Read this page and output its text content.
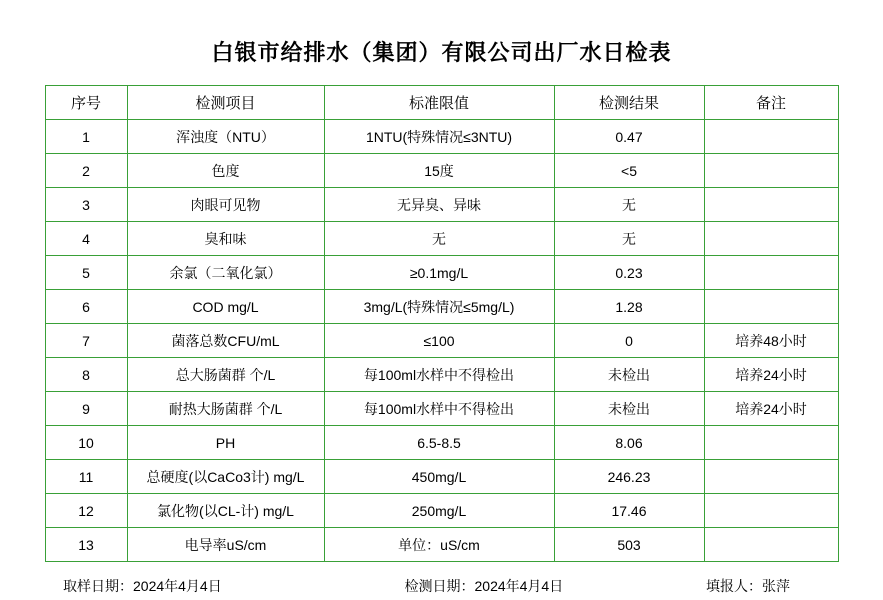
白银市给排水（集团）有限公司出厂水日检表
序号	检测项目	标准限值	检测结果	备注
1	浑浊度（NTU）	1NTU(特殊情况≤3NTU)	0.47	
2	色度	15度	<5	
3	肉眼可见物	无异臭、异味	无	
4	臭和味	无	无	
5	余氯（二氧化氯）	≥0.1mg/L	0.23	
6	COD mg/L	3mg/L(特殊情况≤5mg/L)	1.28	
7	菌落总数CFU/mL	≤100	0	培养48小时
8	总大肠菌群 个/L	每100ml水样中不得检出	未检出	培养24小时
9	耐热大肠菌群 个/L	每100ml水样中不得检出	未检出	培养24小时
10	PH	6.5-8.5	8.06	
11	总硬度(以CaCo3计) mg/L	450mg/L	246.23	
12	氯化物(以CL-计) mg/L	250mg/L	17.46	
13	电导率uS/cm	单位：uS/cm	503	
取样日期：2024年4月4日	检测日期：2024年4月4日	填报人：张萍
